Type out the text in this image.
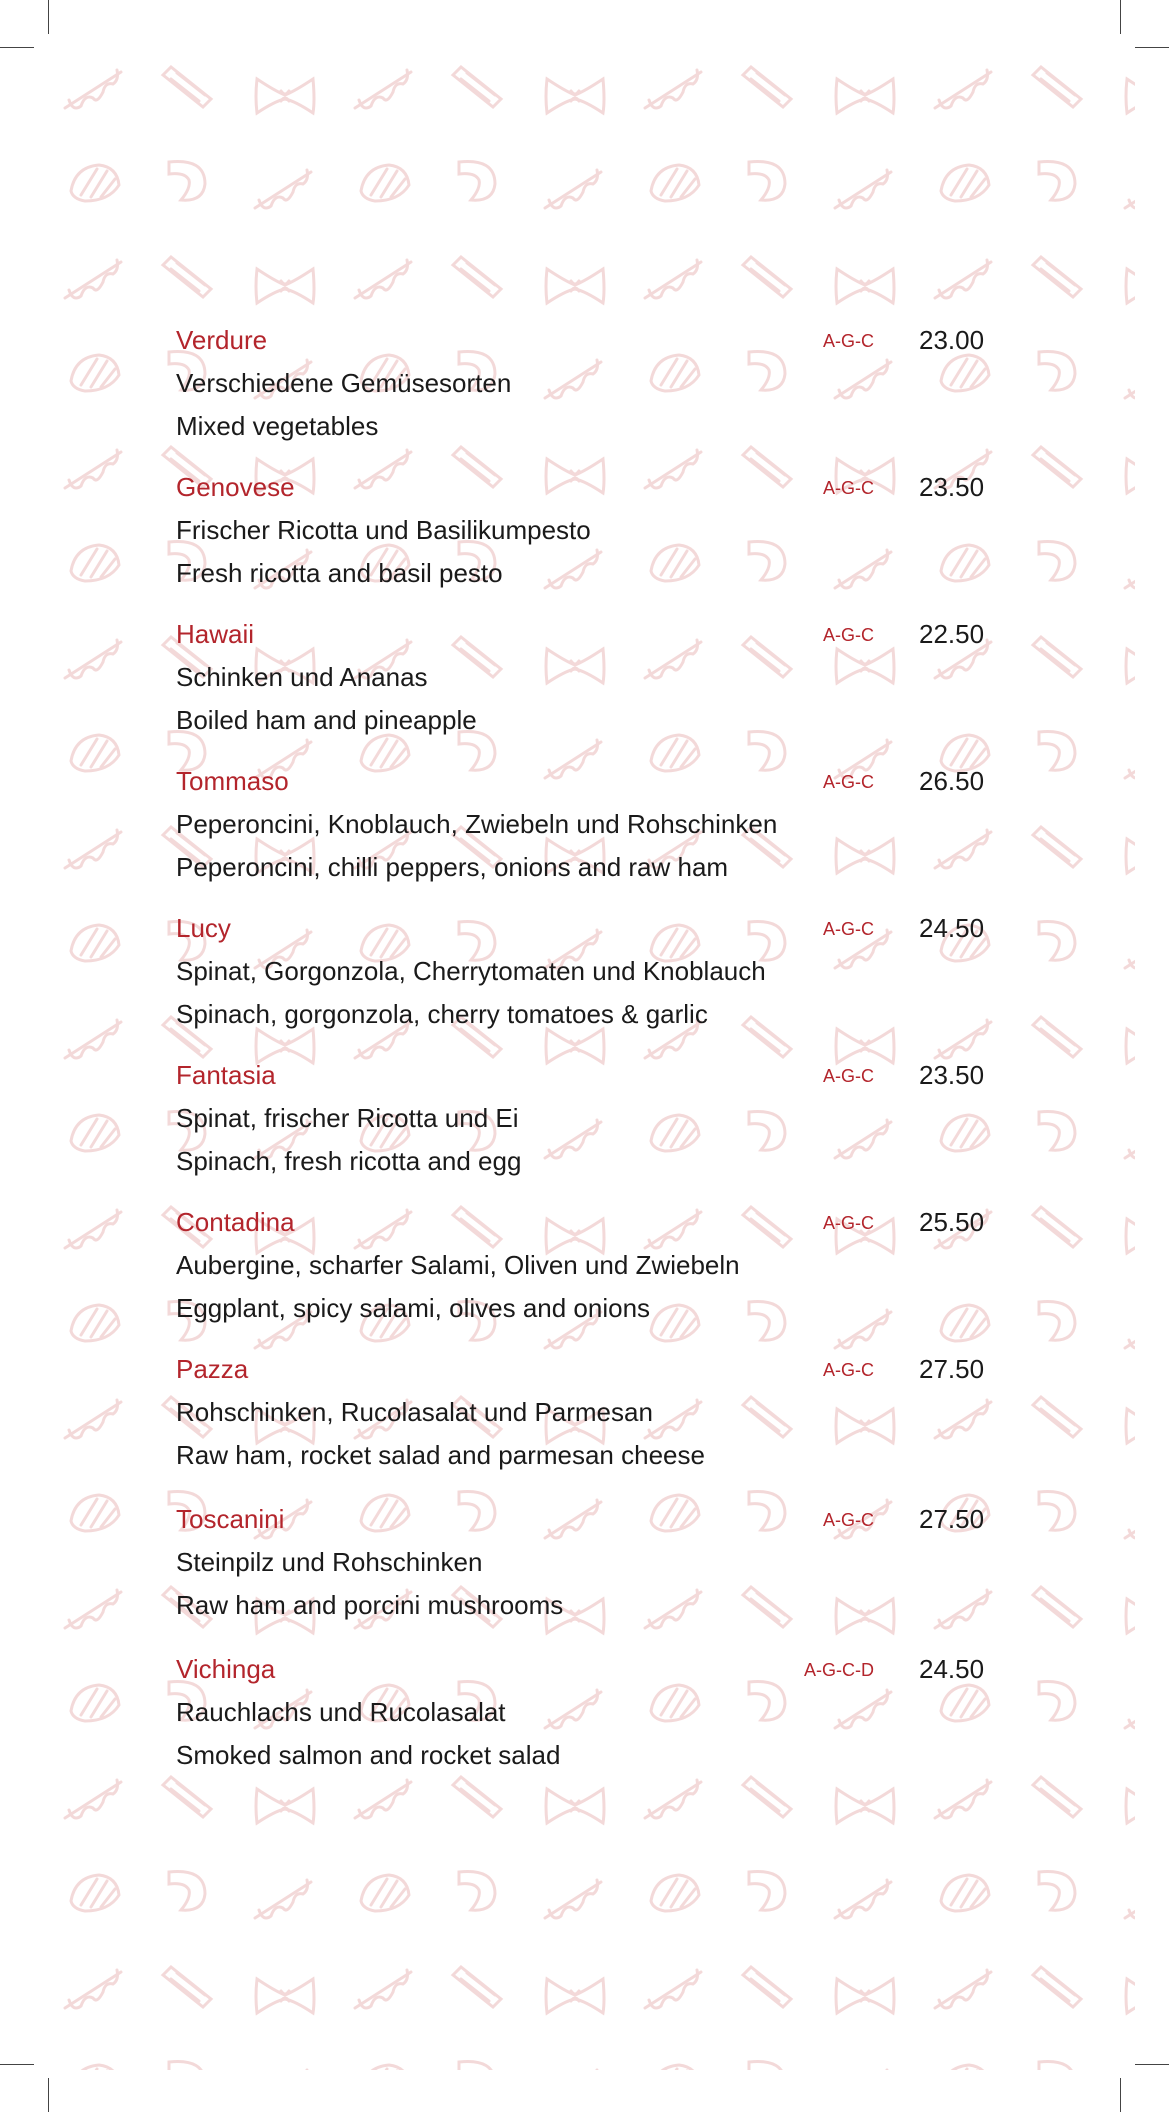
Verdure	A-G-C 23.00
Verschiedene Gemüsesorten
Mixed vegetables
Genovese	A-G-C 23.50
Frischer Ricotta und Basilikumpesto
Fresh ricotta and basil pesto
Hawaii	A-G-C 22.50
Schinken und Ananas
Boiled ham and pineapple
Tommaso	A-G-C 26.50
Peperoncini, Knoblauch, Zwiebeln und Rohschinken
Peperoncini, chilli peppers, onions and raw ham
Lucy	A-G-C 24.50
Spinat, Gorgonzola, Cherrytomaten und Knoblauch
Spinach, gorgonzola, cherry tomatoes & garlic
Fantasia	A-G-C 23.50
Spinat, frischer Ricotta und Ei
Spinach, fresh ricotta and egg
Contadina	A-G-C 25.50
Aubergine, scharfer Salami, Oliven und Zwiebeln
Eggplant, spicy salami, olives and onions
Pazza	A-G-C 27.50
Rohschinken, Rucolasalat und Parmesan
Raw ham, rocket salad and parmesan cheese
Toscanini	A-G-C 27.50
Steinpilz und Rohschinken
Raw ham and porcini mushrooms
Vichinga	A-G-C-D 24.50
Rauchlachs und Rucolasalat
Smoked salmon and rocket salad
